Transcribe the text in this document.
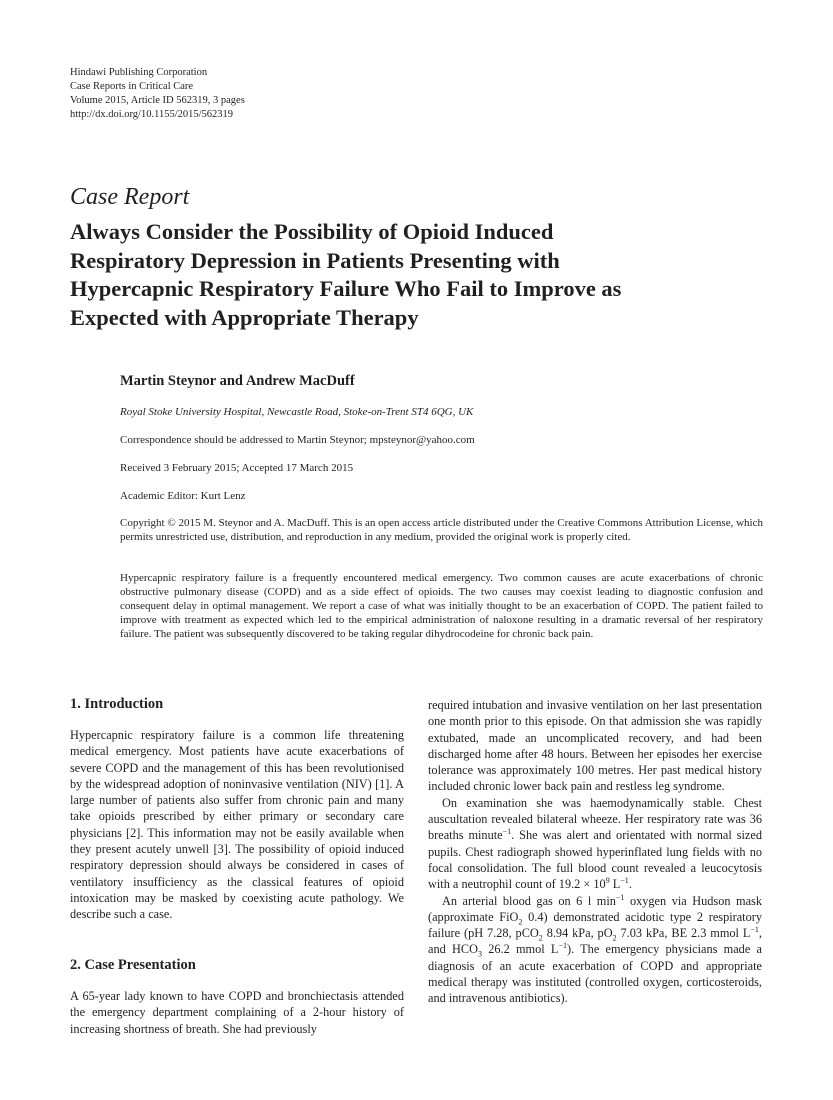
Hindawi Publishing Corporation
Case Reports in Critical Care
Volume 2015, Article ID 562319, 3 pages
http://dx.doi.org/10.1155/2015/562319
Case Report
Always Consider the Possibility of Opioid Induced
Respiratory Depression in Patients Presenting with
Hypercapnic Respiratory Failure Who Fail to Improve as
Expected with Appropriate Therapy
Martin Steynor and Andrew MacDuff
Royal Stoke University Hospital, Newcastle Road, Stoke-on-Trent ST4 6QG, UK
Correspondence should be addressed to Martin Steynor; mpsteynor@yahoo.com
Received 3 February 2015; Accepted 17 March 2015
Academic Editor: Kurt Lenz
Copyright © 2015 M. Steynor and A. MacDuff. This is an open access article distributed under the Creative Commons Attribution License, which permits unrestricted use, distribution, and reproduction in any medium, provided the original work is properly cited.
Hypercapnic respiratory failure is a frequently encountered medical emergency. Two common causes are acute exacerbations of chronic obstructive pulmonary disease (COPD) and as a side effect of opioids. The two causes may coexist leading to diagnostic confusion and consequent delay in optimal management. We report a case of what was initially thought to be an exacerbation of COPD. The patient failed to improve with treatment as expected which led to the empirical administration of naloxone resulting in a dramatic reversal of her respiratory failure. The patient was subsequently discovered to be taking regular dihydrocodeine for chronic back pain.
1. Introduction

Hypercapnic respiratory failure is a common life threatening medical emergency. Most patients have acute exacerbations of severe COPD and the management of this has been revolutionised by the widespread adoption of noninvasive ventilation (NIV) [1]. A large number of patients also suffer from chronic pain and many take opioids prescribed by either primary or secondary care physicians [2]. This information may not be easily available when they present acutely unwell [3]. The possibility of opioid induced respiratory depression should always be considered in cases of ventilatory insufficiency as the classical features of opioid intoxication may be masked by coexisting acute pathology. We describe such a case.

2. Case Presentation

A 65-year lady known to have COPD and bronchiectasis attended the emergency department complaining of a 2-hour history of increasing shortness of breath. She had previously

required intubation and invasive ventilation on her last presentation one month prior to this episode. On that admission she was rapidly extubated, made an uncomplicated recovery, and had been discharged home after 48 hours. Between her episodes her exercise tolerance was approximately 100 metres. Her past medical history included chronic lower back pain and restless leg syndrome.

On examination she was haemodynamically stable. Chest auscultation revealed bilateral wheeze. Her respiratory rate was 36 breaths minute$^{-1}$. She was alert and orientated with normal sized pupils. Chest radiograph showed hyperinflated lung fields with no focal consolidation. The full blood count revealed a leucocytosis with a neutrophil count of $19.2 \times 10^9$ $L^{-1}$.

An arterial blood gas on 6 l $\min^{-1}$ oxygen via Hudson mask (approximate FiO$_2$ 0.4) demonstrated acidotic type 2 respiratory failure (pH 7.28, pCO$_2$ 8.94 kPa, $pO_2$ 7.03 kPa, BE 2.3 mmol $L^{-1}$, and $HCO_3$ 26.2 mmol $L^{-1}$). The emergency physicians made a diagnosis of an acute exacerbation of COPD and appropriate medical therapy was instituted (controlled oxygen, corticosteroids, and intravenous antibiotics).
